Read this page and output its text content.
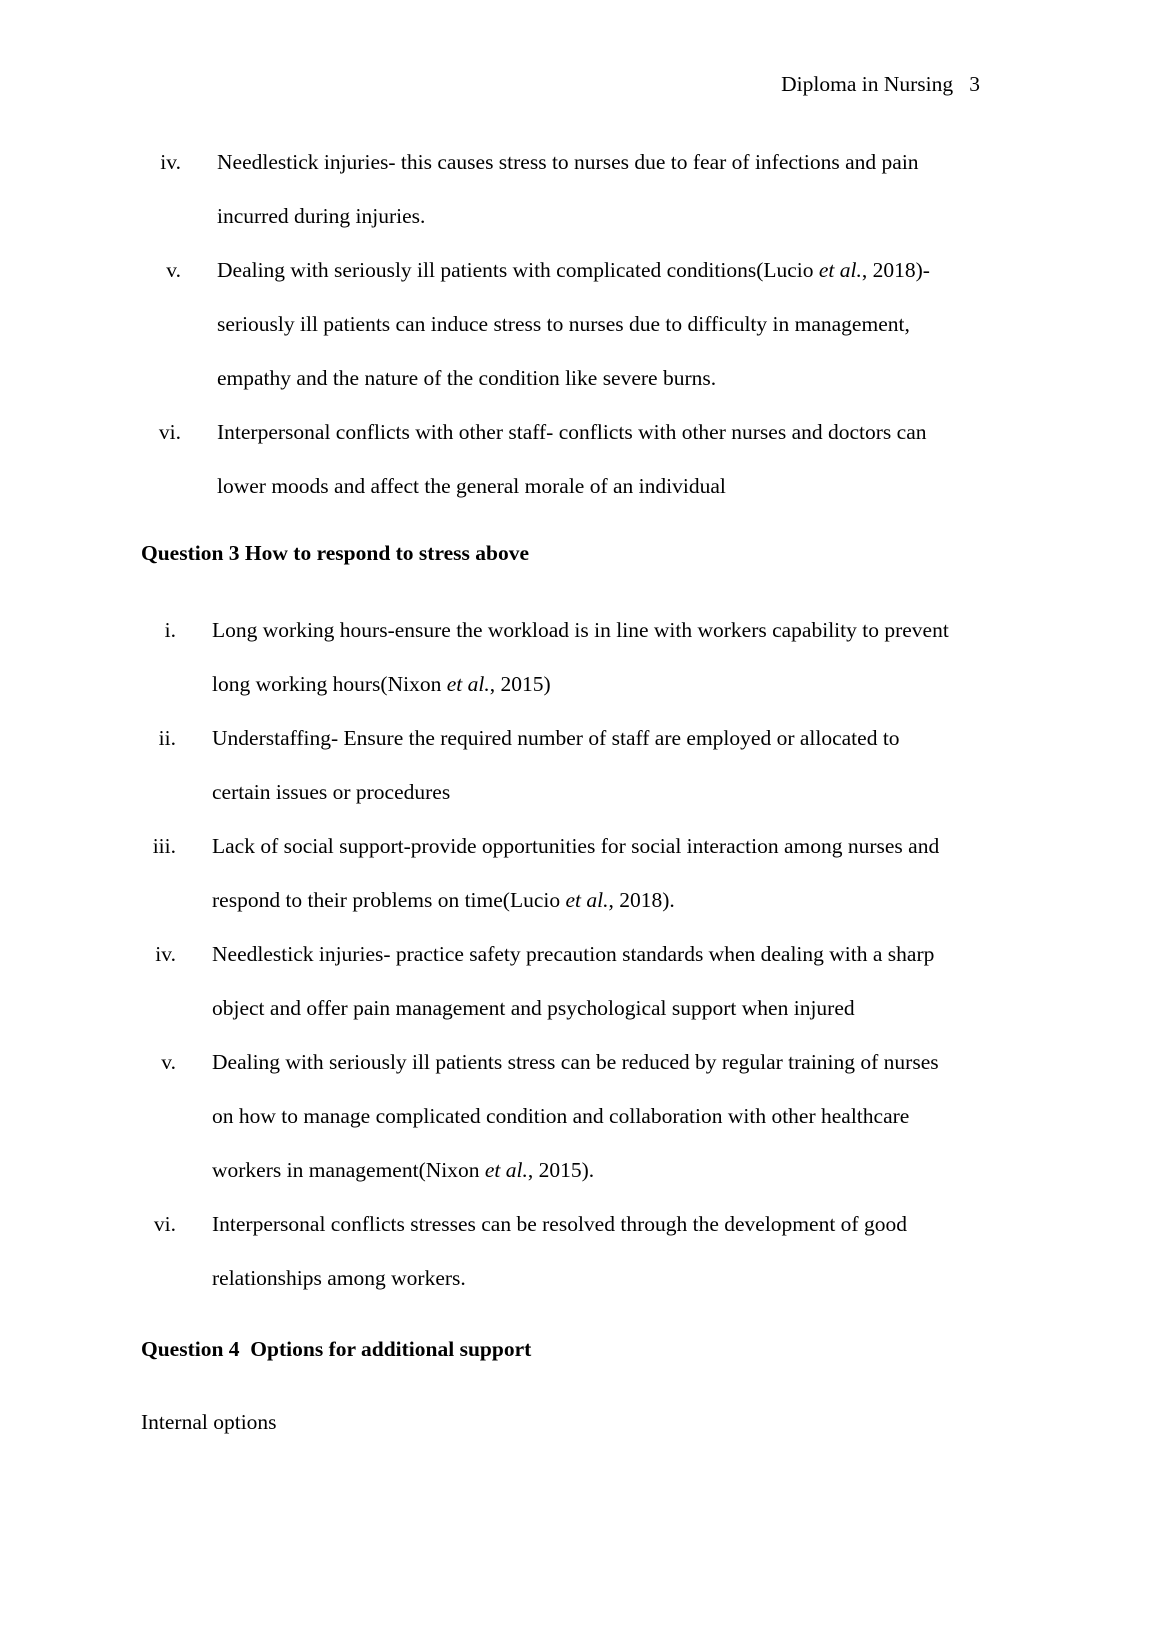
Diploma in Nursing   3
iv. Needlestick injuries- this causes stress to nurses due to fear of infections and pain
incurred during injuries.
v. Dealing with seriously ill patients with complicated conditions(Lucio et al., 2018)-
seriously ill patients can induce stress to nurses due to difficulty in management,
empathy and the nature of the condition like severe burns.
vi. Interpersonal conflicts with other staff- conflicts with other nurses and doctors can
lower moods and affect the general morale of an individual
Question 3 How to respond to stress above
i. Long working hours-ensure the workload is in line with workers capability to prevent
long working hours(Nixon et al., 2015)
ii. Understaffing- Ensure the required number of staff are employed or allocated to
certain issues or procedures
iii. Lack of social support-provide opportunities for social interaction among nurses and
respond to their problems on time(Lucio et al., 2018).
iv. Needlestick injuries- practice safety precaution standards when dealing with a sharp
object and offer pain management and psychological support when injured
v. Dealing with seriously ill patients stress can be reduced by regular training of nurses
on how to manage complicated condition and collaboration with other healthcare
workers in management(Nixon et al., 2015).
vi. Interpersonal conflicts stresses can be resolved through the development of good
relationships among workers.
Question 4  Options for additional support
Internal options
